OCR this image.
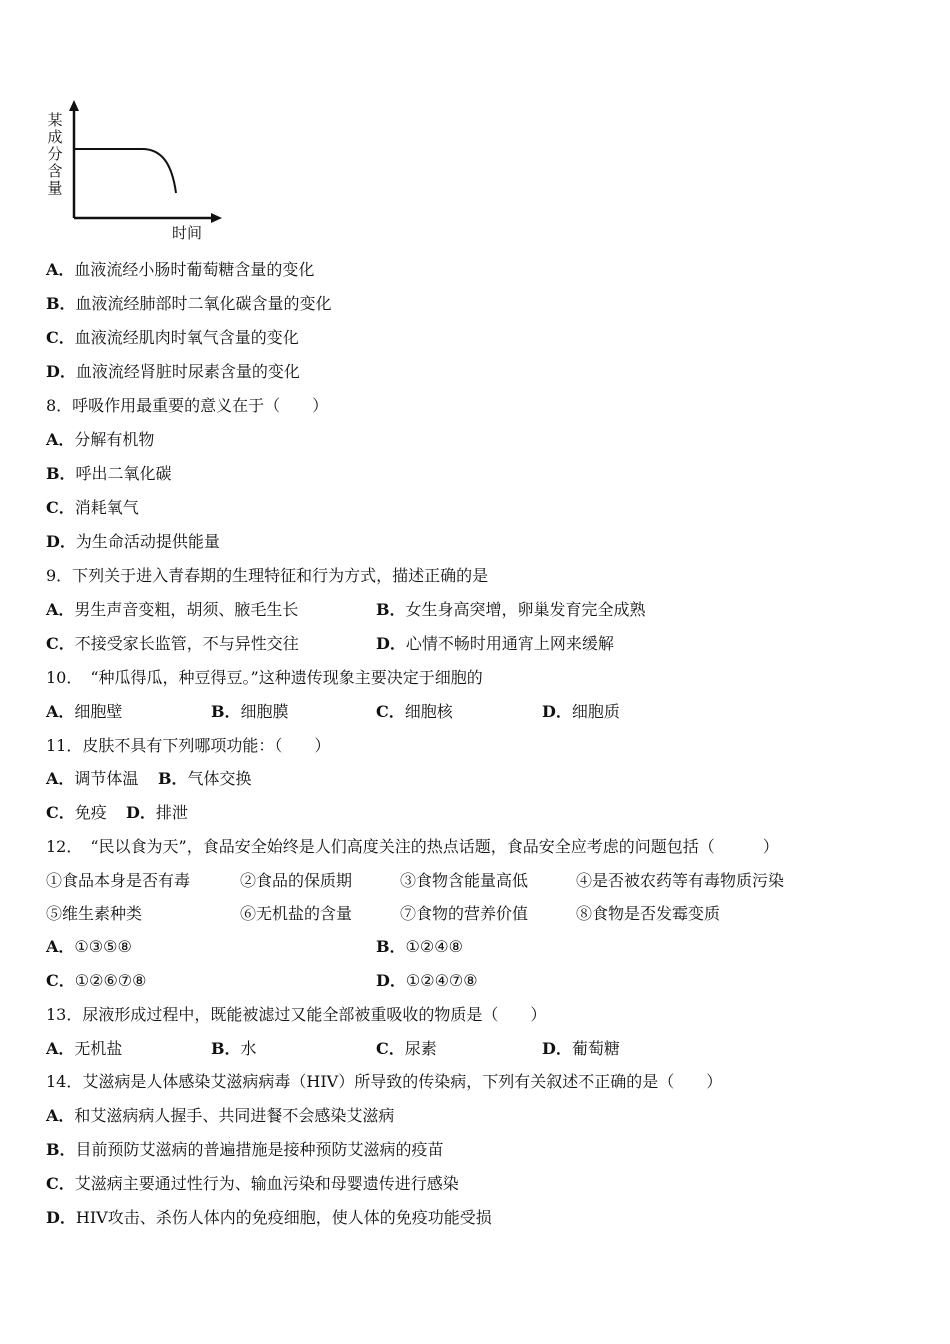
某
成
分
含
量
时间
A．血液流经小肠时葡萄糖含量的变化
B．血液流经肺部时二氧化碳含量的变化
C．血液流经肌肉时氧气含量的变化
D．血液流经肾脏时尿素含量的变化
8．呼吸作用最重要的意义在于（　　）
A．分解有机物
B．呼出二氧化碳
C．消耗氧气
D．为生命活动提供能量
9．下列关于进入青春期的生理特征和行为方式，描述正确的是
A．男生声音变粗，胡须、腋毛生长	B．女生身高突增，卵巢发育完全成熟
C．不接受家长监管，不与异性交往	D．心情不畅时用通宵上网来缓解
10．　“种瓜得瓜，种豆得豆。”这种遗传现象主要决定于细胞的
A．细胞壁	B．细胞膜	C．细胞核	D．细胞质
11．皮肤不具有下列哪项功能：（　　）
A．调节体温 B．气体交换
C．免疫 D．排泄
12．　“民以食为天”，食品安全始终是人们高度关注的热点话题，食品安全应考虑的问题包括（　　　）
①食品本身是否有毒	②食品的保质期	③食物含能量高低	④是否被农药等有毒物质污染
⑤维生素种类	⑥无机盐的含量	⑦食物的营养价值	⑧食物是否发霉变质
A．①③⑤⑧	B．①②④⑧
C．①②⑥⑦⑧	D．①②④⑦⑧
13．尿液形成过程中，既能被滤过又能全部被重吸收的物质是（　　）
A．无机盐	B．水	C．尿素	D．葡萄糖
14．艾滋病是人体感染艾滋病病毒（HIV）所导致的传染病，下列有关叙述不正确的是（　　）
A．和艾滋病病人握手、共同进餐不会感染艾滋病
B．目前预防艾滋病的普遍措施是接种预防艾滋病的疫苗
C．艾滋病主要通过性行为、输血污染和母婴遗传进行感染
D．HIV攻击、杀伤人体内的免疫细胞，使人体的免疫功能受损
